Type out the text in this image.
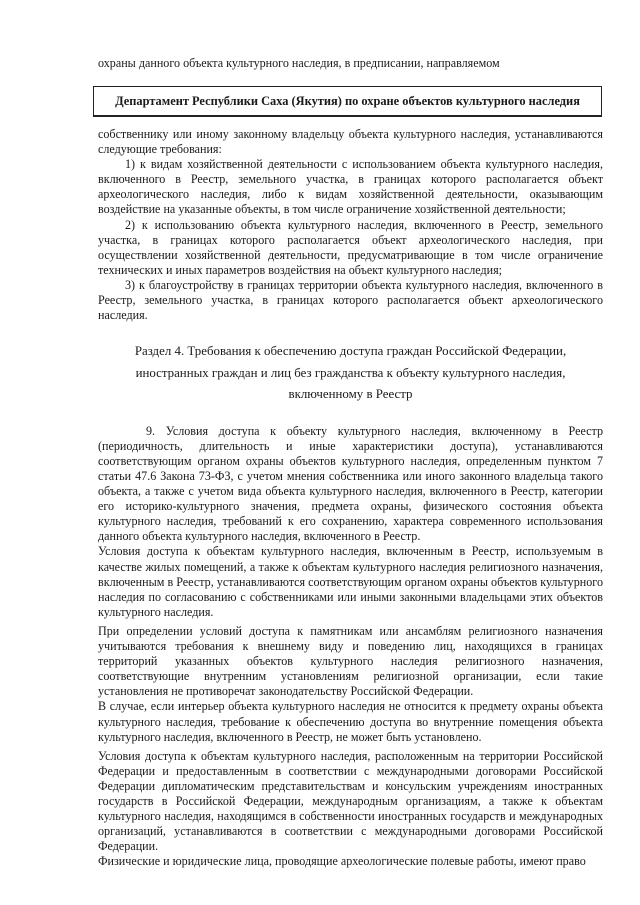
охраны данного объекта культурного наследия, в предписании, направляемом

Департамент Республики Саха (Якутия) по охране объектов культурного наследия

собственнику или иному законному владельцу объекта культурного наследия, устанавливаются следующие требования:

1) к видам хозяйственной деятельности с использованием объекта культурного наследия, включенного в Реестр, земельного участка, в границах которого располагается объект археологического наследия, либо к видам хозяйственной деятельности, оказывающим воздействие на указанные объекты, в том числе ограничение хозяйственной деятельности;

2) к использованию объекта культурного наследия, включенного в Реестр, земельного участка, в границах которого располагается объект археологического наследия, при осуществлении хозяйственной деятельности, предусматривающие в том числе ограничение технических и иных параметров воздействия на объект культурного наследия;

3) к благоустройству в границах территории объекта культурного наследия, включенного в Реестр, земельного участка, в границах которого располагается объект археологического наследия.

Раздел 4. Требования к обеспечению доступа граждан Российской Федерации,
иностранных граждан и лиц без гражданства к объекту культурного наследия,
включенному в Реестр

9. Условия доступа к объекту культурного наследия, включенному в Реестр (периодичность, длительность и иные характеристики доступа), устанавливаются соответствующим органом охраны объектов культурного наследия, определенным пунктом 7 статьи 47.6 Закона 73-ФЗ, с учетом мнения собственника или иного законного владельца такого объекта, а также с учетом вида объекта культурного наследия, включенного в Реестр, категории его историко-культурного значения, предмета охраны, физического состояния объекта культурного наследия, требований к его сохранению, характера современного использования данного объекта культурного наследия, включенного в Реестр.

Условия доступа к объектам культурного наследия, включенным в Реестр, используемым в качестве жилых помещений, а также к объектам культурного наследия религиозного назначения, включенным в Реестр, устанавливаются соответствующим органом охраны объектов культурного наследия по согласованию с собственниками или иными законными владельцами этих объектов культурного наследия.

При определении условий доступа к памятникам или ансамблям религиозного назначения учитываются требования к внешнему виду и поведению лиц, находящихся в границах территорий указанных объектов культурного наследия религиозного назначения, соответствующие внутренним установлениям религиозной организации, если такие установления не противоречат законодательству Российской Федерации.

В случае, если интерьер объекта культурного наследия не относится к предмету охраны объекта культурного наследия, требование к обеспечению доступа во внутренние помещения объекта культурного наследия, включенного в Реестр, не может быть установлено.

Условия доступа к объектам культурного наследия, расположенным на территории Российской Федерации и предоставленным в соответствии с международными договорами Российской Федерации дипломатическим представительствам и консульским учреждениям иностранных государств в Российской Федерации, международным организациям, а также к объектам культурного наследия, находящимся в собственности иностранных государств и международных организаций, устанавливаются в соответствии с международными договорами Российской Федерации.

Физические и юридические лица, проводящие археологические полевые работы, имеют право
